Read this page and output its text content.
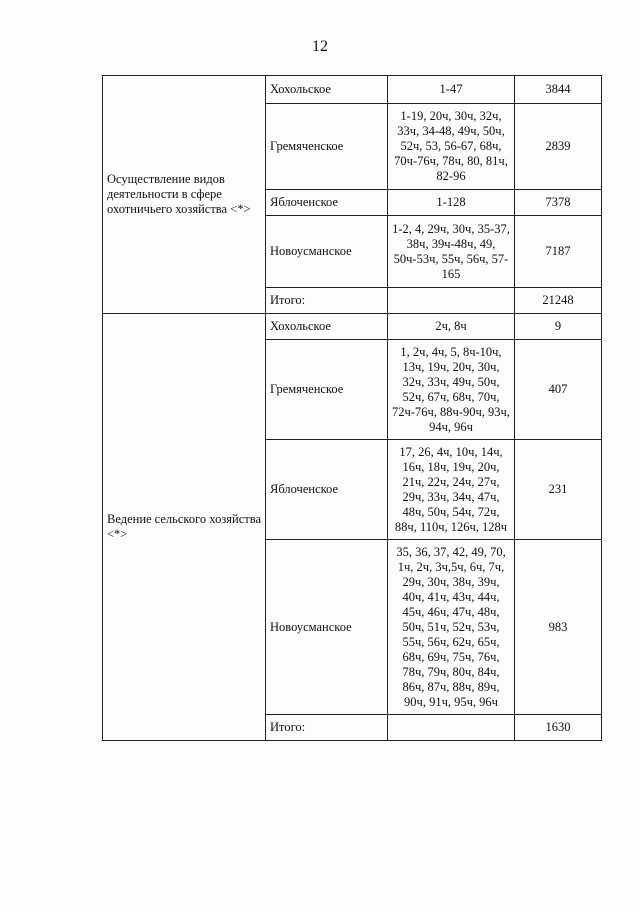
12
Осуществление видов деятельности в сфере охотничьего хозяйства <*>	Хохольское	1-47	3844
	Гремяченское	1-19, 20ч, 30ч, 32ч, 33ч, 34-48, 49ч, 50ч, 52ч, 53, 56-67, 68ч, 70ч-76ч, 78ч, 80, 81ч, 82-96	2839
	Яблоченское	1-128	7378
	Новоусманское	1-2, 4, 29ч, 30ч, 35-37, 38ч, 39ч-48ч, 49, 50ч-53ч, 55ч, 56ч, 57-165	7187
	Итого:		21248
Ведение сельского хозяйства <*>	Хохольское	2ч, 8ч	9
	Гремяченское	1, 2ч, 4ч, 5, 8ч-10ч, 13ч, 19ч, 20ч, 30ч, 32ч, 33ч, 49ч, 50ч, 52ч, 67ч, 68ч, 70ч, 72ч-76ч, 88ч-90ч, 93ч, 94ч, 96ч	407
	Яблоченское	17, 26, 4ч, 10ч, 14ч, 16ч, 18ч, 19ч, 20ч, 21ч, 22ч, 24ч, 27ч, 29ч, 33ч, 34ч, 47ч, 48ч, 50ч, 54ч, 72ч, 88ч, 110ч, 126ч, 128ч	231
	Новоусманское	35, 36, 37, 42, 49, 70, 1ч, 2ч, 3ч,5ч, 6ч, 7ч, 29ч, 30ч, 38ч, 39ч, 40ч, 41ч, 43ч, 44ч, 45ч, 46ч, 47ч, 48ч, 50ч, 51ч, 52ч, 53ч, 55ч, 56ч, 62ч, 65ч, 68ч, 69ч, 75ч, 76ч, 78ч, 79ч, 80ч, 84ч, 86ч, 87ч, 88ч, 89ч, 90ч, 91ч, 95ч, 96ч	983
	Итого:		1630
